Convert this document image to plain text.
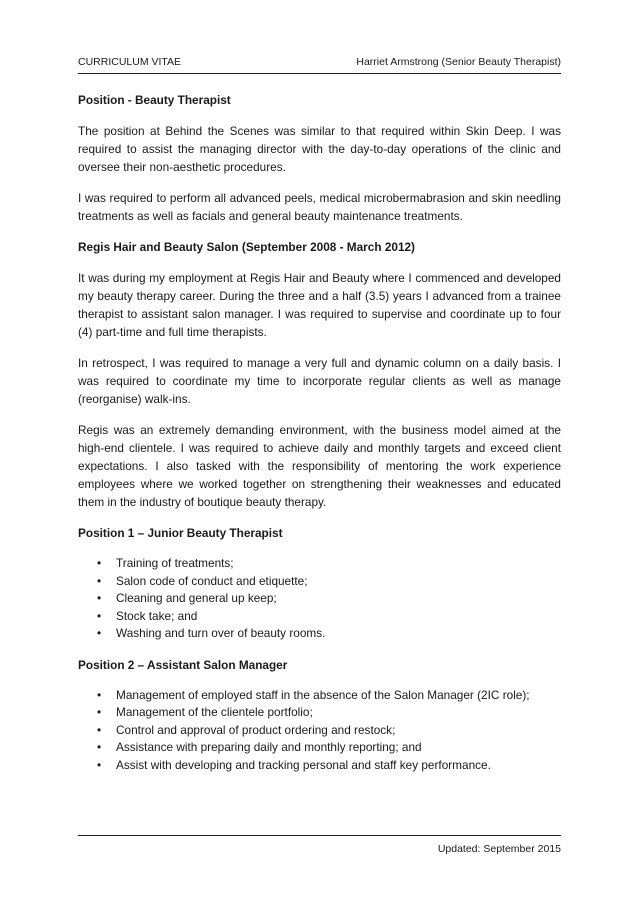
CURRICULUM VITAE	Harriet Armstrong (Senior Beauty Therapist)
Position - Beauty Therapist

The position at Behind the Scenes was similar to that required within Skin Deep. I was required to assist the managing director with the day-to-day operations of the clinic and oversee their non-aesthetic procedures.

I was required to perform all advanced peels, medical microbermabrasion and skin needling treatments as well as facials and general beauty maintenance treatments.

Regis Hair and Beauty Salon (September 2008 - March 2012)

It was during my employment at Regis Hair and Beauty where I commenced and developed my beauty therapy career. During the three and a half (3.5) years I advanced from a trainee therapist to assistant salon manager. I was required to supervise and coordinate up to four (4) part-time and full time therapists.

In retrospect, I was required to manage a very full and dynamic column on a daily basis. I was required to coordinate my time to incorporate regular clients as well as manage (reorganise) walk-ins.

Regis was an extremely demanding environment, with the business model aimed at the high-end clientele. I was required to achieve daily and monthly targets and exceed client expectations. I also tasked with the responsibility of mentoring the work experience employees where we worked together on strengthening their weaknesses and educated them in the industry of boutique beauty therapy.

Position 1 – Junior Beauty Therapist
• Training of treatments;
• Salon code of conduct and etiquette;
• Cleaning and general up keep;
• Stock take; and
• Washing and turn over of beauty rooms.
Position 2 – Assistant Salon Manager
• Management of employed staff in the absence of the Salon Manager (2IC role);
• Management of the clientele portfolio;
• Control and approval of product ordering and restock;
• Assistance with preparing daily and monthly reporting; and
• Assist with developing and tracking personal and staff key performance.
Updated: September 2015
